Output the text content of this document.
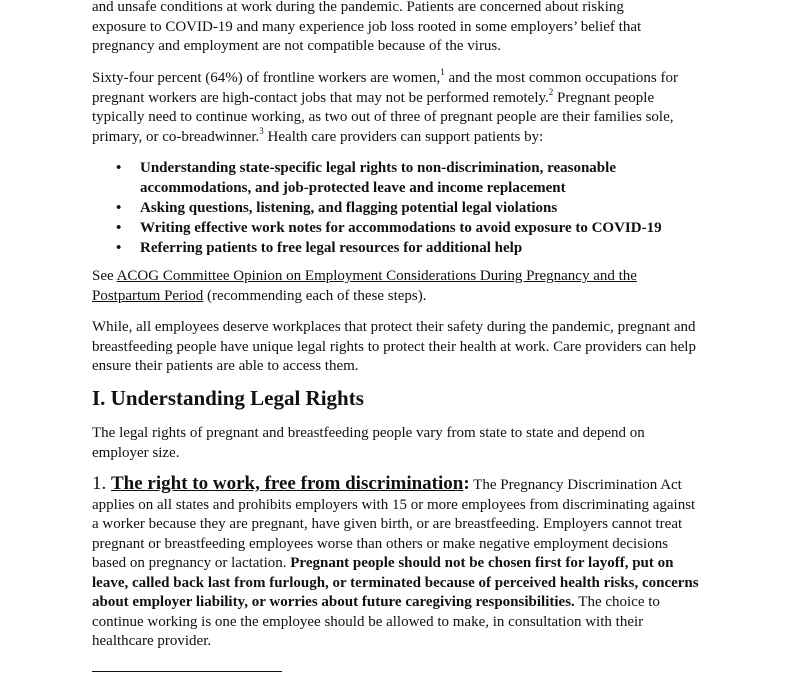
and unsafe conditions at work during the pandemic. Patients are concerned about risking
exposure to COVID-19 and many experience job loss rooted in some employers’ belief that
pregnancy and employment are not compatible because of the virus.

Sixty-four percent (64%) of frontline workers are women,$^1$ and the most common occupations for pregnant workers are high-contact jobs that may not be performed remotely.$^2$ Pregnant people typically need to continue working, as two out of three of pregnant people are their families sole, primary, or co-breadwinner.$^3$ Health care providers can support patients by:

• Understanding state-specific legal rights to non-discrimination, reasonable accommodations, and job-protected leave and income replacement
• Asking questions, listening, and flagging potential legal violations
• Writing effective work notes for accommodations to avoid exposure to COVID-19
• Referring patients to free legal resources for additional help

See ACOG Committee Opinion on Employment Considerations During Pregnancy and the Postpartum Period (recommending each of these steps).

While, all employees deserve workplaces that protect their safety during the pandemic, pregnant and breastfeeding people have unique legal rights to protect their health at work. Care providers can help ensure their patients are able to access them.

I. Understanding Legal Rights

The legal rights of pregnant and breastfeeding people vary from state to state and depend on employer size.

1. The right to work, free from discrimination: The Pregnancy Discrimination Act applies on all states and prohibits employers with 15 or more employees from discriminating against a worker because they are pregnant, have given birth, or are breastfeeding. Employers cannot treat pregnant or breastfeeding employees worse than others or make negative employment decisions based on pregnancy or lactation. Pregnant people should not be chosen first for layoff, put on leave, called back last from furlough, or terminated because of perceived health risks, concerns about employer liability, or worries about future caregiving responsibilities. The choice to continue working is one the employee should be allowed to make, in consultation with their healthcare provider.
